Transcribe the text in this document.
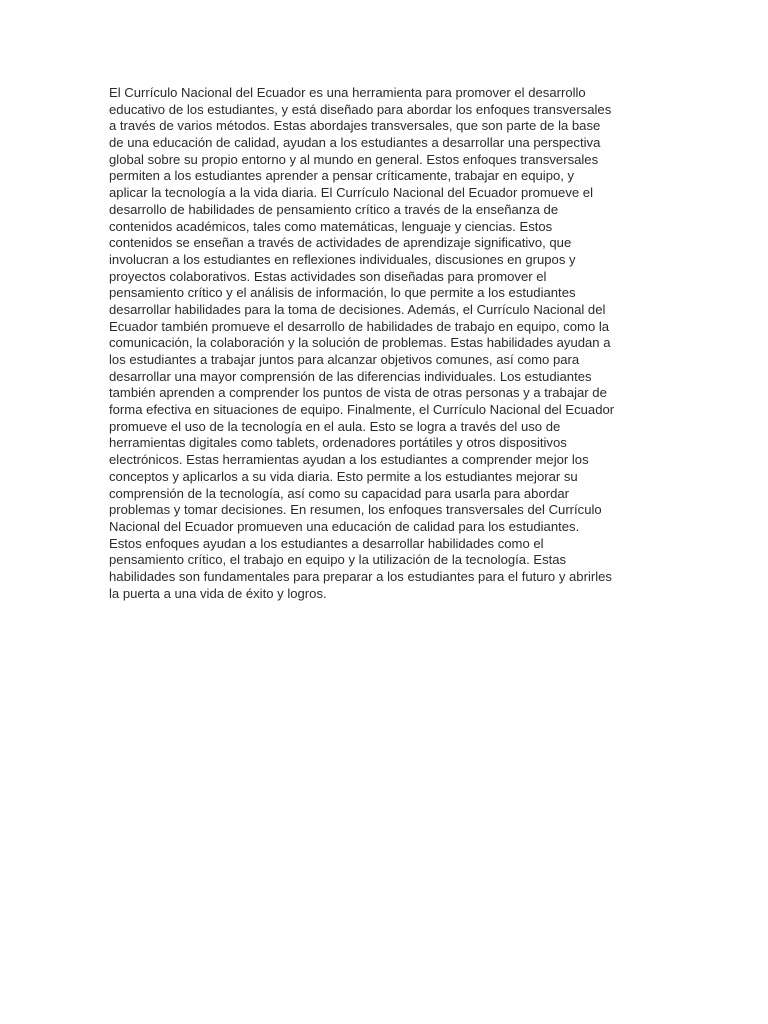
El Currículo Nacional del Ecuador es una herramienta para promover el desarrollo
educativo de los estudiantes, y está diseñado para abordar los enfoques transversales
a través de varios métodos. Estas abordajes transversales, que son parte de la base
de una educación de calidad, ayudan a los estudiantes a desarrollar una perspectiva
global sobre su propio entorno y al mundo en general. Estos enfoques transversales
permiten a los estudiantes aprender a pensar críticamente, trabajar en equipo, y
aplicar la tecnología a la vida diaria. El Currículo Nacional del Ecuador promueve el
desarrollo de habilidades de pensamiento crítico a través de la enseñanza de
contenidos académicos, tales como matemáticas, lenguaje y ciencias. Estos
contenidos se enseñan a través de actividades de aprendizaje significativo, que
involucran a los estudiantes en reflexiones individuales, discusiones en grupos y
proyectos colaborativos. Estas actividades son diseñadas para promover el
pensamiento crítico y el análisis de información, lo que permite a los estudiantes
desarrollar habilidades para la toma de decisiones. Además, el Currículo Nacional del
Ecuador también promueve el desarrollo de habilidades de trabajo en equipo, como la
comunicación, la colaboración y la solución de problemas. Estas habilidades ayudan a
los estudiantes a trabajar juntos para alcanzar objetivos comunes, así como para
desarrollar una mayor comprensión de las diferencias individuales. Los estudiantes
también aprenden a comprender los puntos de vista de otras personas y a trabajar de
forma efectiva en situaciones de equipo. Finalmente, el Currículo Nacional del Ecuador
promueve el uso de la tecnología en el aula. Esto se logra a través del uso de
herramientas digitales como tablets, ordenadores portátiles y otros dispositivos
electrónicos. Estas herramientas ayudan a los estudiantes a comprender mejor los
conceptos y aplicarlos a su vida diaria. Esto permite a los estudiantes mejorar su
comprensión de la tecnología, así como su capacidad para usarla para abordar
problemas y tomar decisiones. En resumen, los enfoques transversales del Currículo
Nacional del Ecuador promueven una educación de calidad para los estudiantes.
Estos enfoques ayudan a los estudiantes a desarrollar habilidades como el
pensamiento crítico, el trabajo en equipo y la utilización de la tecnología. Estas
habilidades son fundamentales para preparar a los estudiantes para el futuro y abrirles
la puerta a una vida de éxito y logros.
